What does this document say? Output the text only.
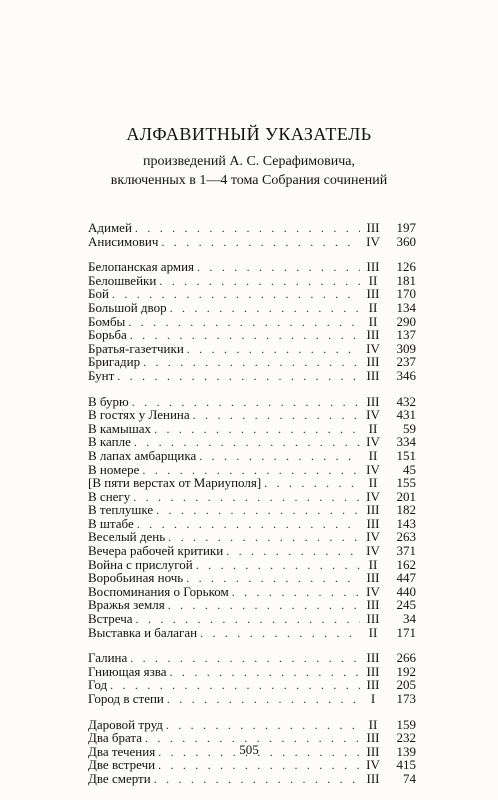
АЛФАВИТНЫЙ УКАЗАТЕЛЬ
произведений А. С. Серафимовича,
включенных в 1—4 тома Собрания сочинений
Адимей . . .	III	197
Анисимович . . .	IV	360
Белопанская армия . . .	III	126
Белошвейки . . .	II	181
Бой . . .	III	170
Большой двор . . .	II	134
Бомбы . . .	II	290
Борьба . . .	III	137
Братья-газетчики . . .	IV	309
Бригадир . . .	III	237
Бунт . . .	III	346
В бурю . . .	III	432
В гостях у Ленина . . .	IV	431
В камышах . . .	II	59
В капле . . .	IV	334
В лапах амбарщика . . .	II	151
В номере . . .	IV	45
[В пяти верстах от Мариуполя] . . .	II	155
В снегу . . .	IV	201
В теплушке . . .	III	182
В штабе . . .	III	143
Веселый день . . .	IV	263
Вечера рабочей критики . . .	IV	371
Война с прислугой . . .	II	162
Воробьиная ночь . . .	III	447
Воспоминания о Горьком . . .	IV	440
Вражья земля . . .	III	245
Встреча . . .	III	34
Выставка и балаган . . .	II	171
Галина . . .	III	266
Гниющая язва . . .	III	192
Год . . .	III	205
Город в степи . . .	I	173
Даровой труд . . .	II	159
Два брата . . .	III	232
Два течения . . .	III	139
Две встречи . . .	IV	415
Две смерти . . .	III	74
505
